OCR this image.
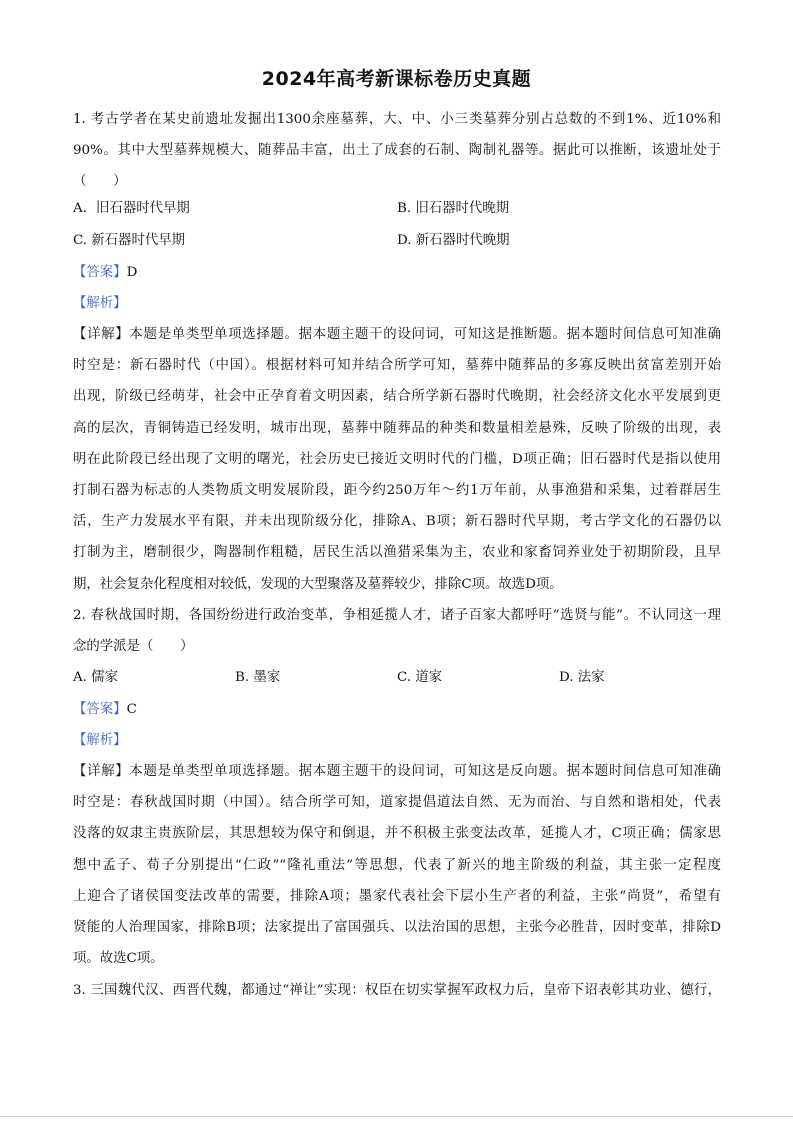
2024年高考新课标卷历史真题
1. 考古学者在某史前遗址发掘出1300余座墓葬，大、中、小三类墓葬分别占总数的不到1%、近10%和
90%。其中大型墓葬规模大、随葬品丰富，出土了成套的石制、陶制礼器等。据此可以推断，该遗址处于
（　　）
A．旧石器时代早期	B. 旧石器时代晚期
C. 新石器时代早期	D. 新石器时代晚期
【答案】D
【解析】
【详解】本题是单类型单项选择题。据本题主题干的设问词，可知这是推断题。据本题时间信息可知准确
时空是：新石器时代（中国）。根据材料可知并结合所学可知，墓葬中随葬品的多寡反映出贫富差别开始
出现，阶级已经萌芽，社会中正孕育着文明因素，结合所学新石器时代晚期，社会经济文化水平发展到更
高的层次，青铜铸造已经发明，城市出现，墓葬中随葬品的种类和数量相差悬殊，反映了阶级的出现，表
明在此阶段已经出现了文明的曙光，社会历史已接近文明时代的门槛，D项正确；旧石器时代是指以使用
打制石器为标志的人类物质文明发展阶段，距今约250万年～约1万年前，从事渔猎和采集，过着群居生
活，生产力发展水平有限，并未出现阶级分化，排除A、B项；新石器时代早期，考古学文化的石器仍以
打制为主，磨制很少，陶器制作粗糙，居民生活以渔猎采集为主，农业和家畜饲养业处于初期阶段，且早
期，社会复杂化程度相对较低，发现的大型聚落及墓葬较少，排除C项。故选D项。
2. 春秋战国时期，各国纷纷进行政治变革，争相延揽人才，诸子百家大都呼吁“选贤与能”。不认同这一理
念的学派是（　　）
A. 儒家	B. 墨家	C. 道家	D. 法家
【答案】C
【解析】
【详解】本题是单类型单项选择题。据本题主题干的设问词，可知这是反向题。据本题时间信息可知准确
时空是：春秋战国时期（中国）。结合所学可知，道家提倡道法自然、无为而治、与自然和谐相处，代表
没落的奴隶主贵族阶层，其思想较为保守和倒退，并不积极主张变法改革，延揽人才，C项正确；儒家思
想中孟子、荀子分别提出“仁政”“隆礼重法”等思想，代表了新兴的地主阶级的利益，其主张一定程度
上迎合了诸侯国变法改革的需要，排除A项；墨家代表社会下层小生产者的利益，主张“尚贤”，希望有
贤能的人治理国家，排除B项；法家提出了富国强兵、以法治国的思想，主张今必胜昔，因时变革，排除D
项。故选C项。
3. 三国魏代汉、西晋代魏，都通过“禅让”实现：权臣在切实掌握军政权力后，皇帝下诏表彰其功业、德行，
